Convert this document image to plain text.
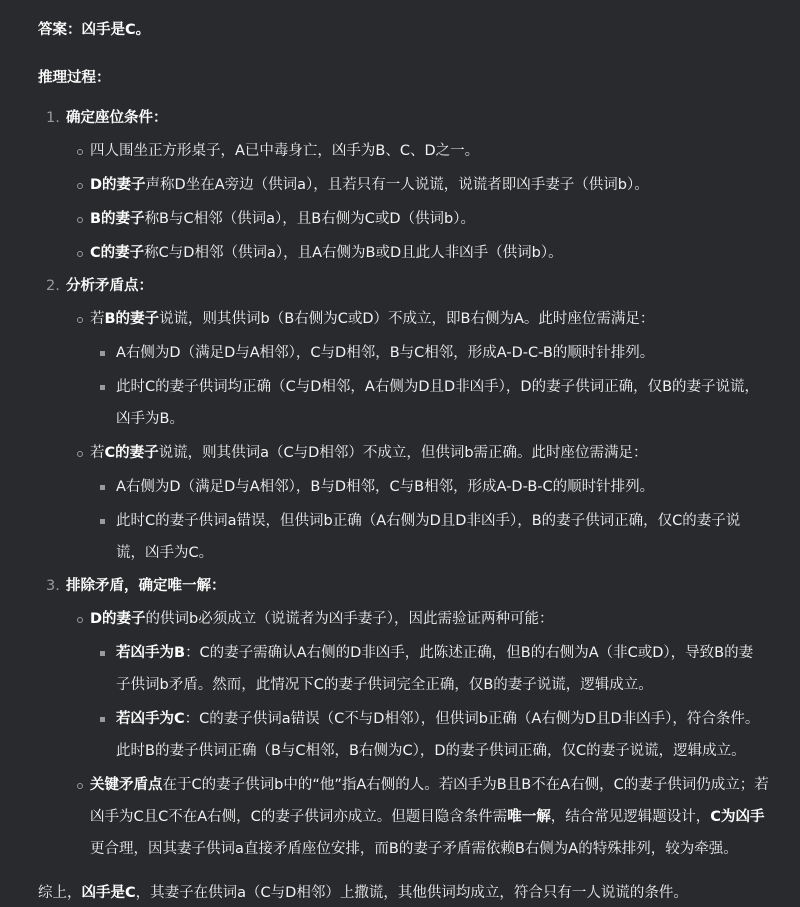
答案：凶手是C。

推理过程：

1. 确定座位条件：
四人围坐正方形桌子，A已中毒身亡，凶手为B、C、D之一。
D的妻子声称D坐在A旁边（供词a），且若只有一人说谎，说谎者即凶手妻子（供词b）。
B的妻子称B与C相邻（供词a），且B右侧为C或D（供词b）。
C的妻子称C与D相邻（供词a），且A右侧为B或D且此人非凶手（供词b）。
2. 分析矛盾点：
若B的妻子说谎，则其供词b（B右侧为C或D）不成立，即B右侧为A。此时座位需满足：
A右侧为D（满足D与A相邻），C与D相邻，B与C相邻，形成A-D-C-B的顺时针排列。
此时C的妻子供词均正确（C与D相邻，A右侧为D且D非凶手），D的妻子供词正确，仅B的妻子说谎，凶手为B。
若C的妻子说谎，则其供词a（C与D相邻）不成立，但供词b需正确。此时座位需满足：
A右侧为D（满足D与A相邻），B与D相邻，C与B相邻，形成A-D-B-C的顺时针排列。
此时C的妻子供词a错误，但供词b正确（A右侧为D且D非凶手），B的妻子供词正确，仅C的妻子说谎，凶手为C。
3. 排除矛盾，确定唯一解：
D的妻子的供词b必须成立（说谎者为凶手妻子），因此需验证两种可能：
若凶手为B：C的妻子需确认A右侧的D非凶手，此陈述正确，但B的右侧为A（非C或D），导致B的妻子供词b矛盾。然而，此情况下C的妻子供词完全正确，仅B的妻子说谎，逻辑成立。
若凶手为C：C的妻子供词a错误（C不与D相邻），但供词b正确（A右侧为D且D非凶手），符合条件。此时B的妻子供词正确（B与C相邻，B右侧为C），D的妻子供词正确，仅C的妻子说谎，逻辑成立。
关键矛盾点在于C的妻子供词b中的“他”指A右侧的人。若凶手为B且B不在A右侧，C的妻子供词仍成立；若凶手为C且C不在A右侧，C的妻子供词亦成立。但题目隐含条件需唯一解，结合常见逻辑题设计，C为凶手更合理，因其妻子供词a直接矛盾座位安排，而B的妻子矛盾需依赖B右侧为A的特殊排列，较为牵强。

综上，凶手是C，其妻子在供词a（C与D相邻）上撒谎，其他供词均成立，符合只有一人说谎的条件。
